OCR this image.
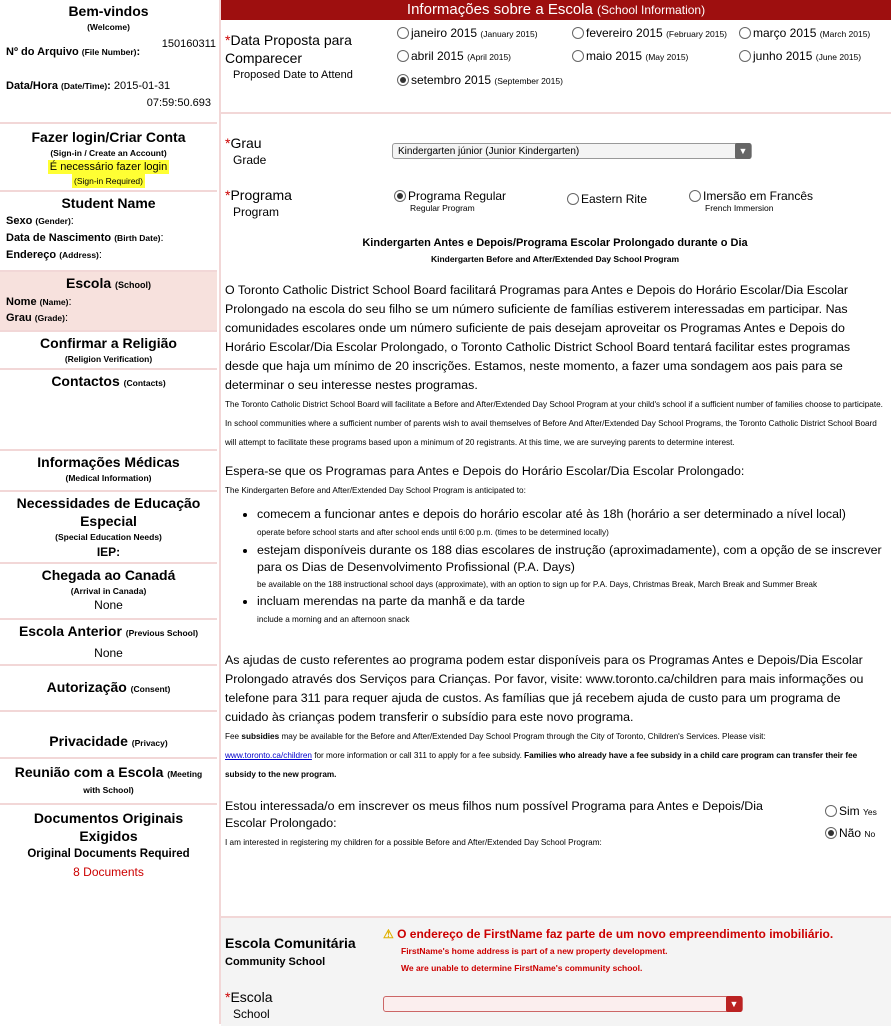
Bem-vindos
(Welcome)
Nº do Arquivo (File Number):
150160311
Data/Hora (Date/Time): 2015-01-31
07:59:50.693
Fazer login/Criar Conta
(Sign-in / Create an Account)
É necessário fazer login
(Sign-in Required)
Student Name
Sexo (Gender):
Data de Nascimento (Birth Date):
Endereço (Address):
Escola (School)
Nome (Name):
Grau (Grade):
Confirmar a Religião
(Religion Verification)
Contactos (Contacts)
Informações Médicas
(Medical Information)
Necessidades de Educação Especial
(Special Education Needs)
IEP:
Chegada ao Canadá
(Arrival in Canada)
None
Escola Anterior (Previous School)
None
Autorização (Consent)
Privacidade (Privacy)
Reunião com a Escola (Meeting
with School)
Documentos Originais Exigidos
Original Documents Required
8 Documents
Informações sobre a Escola (School Information)
*Data Proposta para Comparecer
Proposed Date to Attend
janeiro 2015 (January 2015)	fevereiro 2015 (February 2015)	março 2015 (March 2015)
abril 2015 (April 2015)	maio 2015 (May 2015)	junho 2015 (June 2015)
setembro 2015 (September 2015)
*Grau
Grade
Kindergarten júnior (Junior Kindergarten)	▼
*Programa
Program
Programa Regular
Regular Program
Eastern Rite	Imersão em Francês
French Immersion
Kindergarten Antes e Depois/Programa Escolar Prolongado durante o Dia
Kindergarten Before and After/Extended Day School Program
O Toronto Catholic District School Board facilitará Programas para Antes e Depois do Horário Escolar/Dia Escolar Prolongado na escola do seu filho se um número suficiente de famílias estiverem interessadas em participar. Nas comunidades escolares onde um número suficiente de pais desejam aproveitar os Programas Antes e Depois do Horário Escolar/Dia Escolar Prolongado, o Toronto Catholic District School Board tentará facilitar estes programas desde que haja um mínimo de 20 inscrições. Estamos, neste momento, a fazer uma sondagem aos pais para se determinar o seu interesse nestes programas.
The Toronto Catholic District School Board will facilitate a Before and After/Extended Day School Program at your child's school if a sufficient number of families choose to participate. In school communities where a sufficient number of parents wish to avail themselves of Before And After/Extended Day School Programs, the Toronto Catholic District School Board will attempt to facilitate these programs based upon a minimum of 20 registrants. At this time, we are surveying parents to determine interest.
Espera-se que os Programas para Antes e Depois do Horário Escolar/Dia Escolar Prolongado:
The Kindergarten Before and After/Extended Day School Program is anticipated to:
• comecem a funcionar antes e depois do horário escolar até às 18h (horário a ser determinado a nível local)
operate before school starts and after school ends until 6:00 p.m. (times to be determined locally)
• estejam disponíveis durante os 188 dias escolares de instrução (aproximadamente), com a opção de se inscrever para os Dias de Desenvolvimento Profissional (P.A. Days)
be available on the 188 instructional school days (approximate), with an option to sign up for P.A. Days, Christmas Break, March Break and Summer Break
• incluam merendas na parte da manhã e da tarde
include a morning and an afternoon snack
As ajudas de custo referentes ao programa podem estar disponíveis para os Programas Antes e Depois/Dia Escolar Prolongado através dos Serviços para Crianças. Por favor, visite: www.toronto.ca/children para mais informações ou telefone para 311 para requer ajuda de custos. As famílias que já recebem ajuda de custo para um programa de cuidado às crianças podem transferir o subsídio para este novo programa.
Fee subsidies may be available for the Before and After/Extended Day School Program through the City of Toronto, Children's Services. Please visit:
www.toronto.ca/children for more information or call 311 to apply for a fee subsidy. Families who already have a fee subsidy in a child care program can transfer their fee subsidy to the new program.
Estou interessada/o em inscrever os meus filhos num possível Programa para Antes e Depois/Dia Escolar Prolongado:
I am interested in registering my children for a possible Before and After/Extended Day School Program:
Sim Yes
Não No
Escola Comunitária
Community School
⚠ O endereço de FirstName faz parte de um novo empreendimento imobiliário.
FirstName's home address is part of a new property development.
We are unable to determine FirstName's community school.
*Escola
School
▼
